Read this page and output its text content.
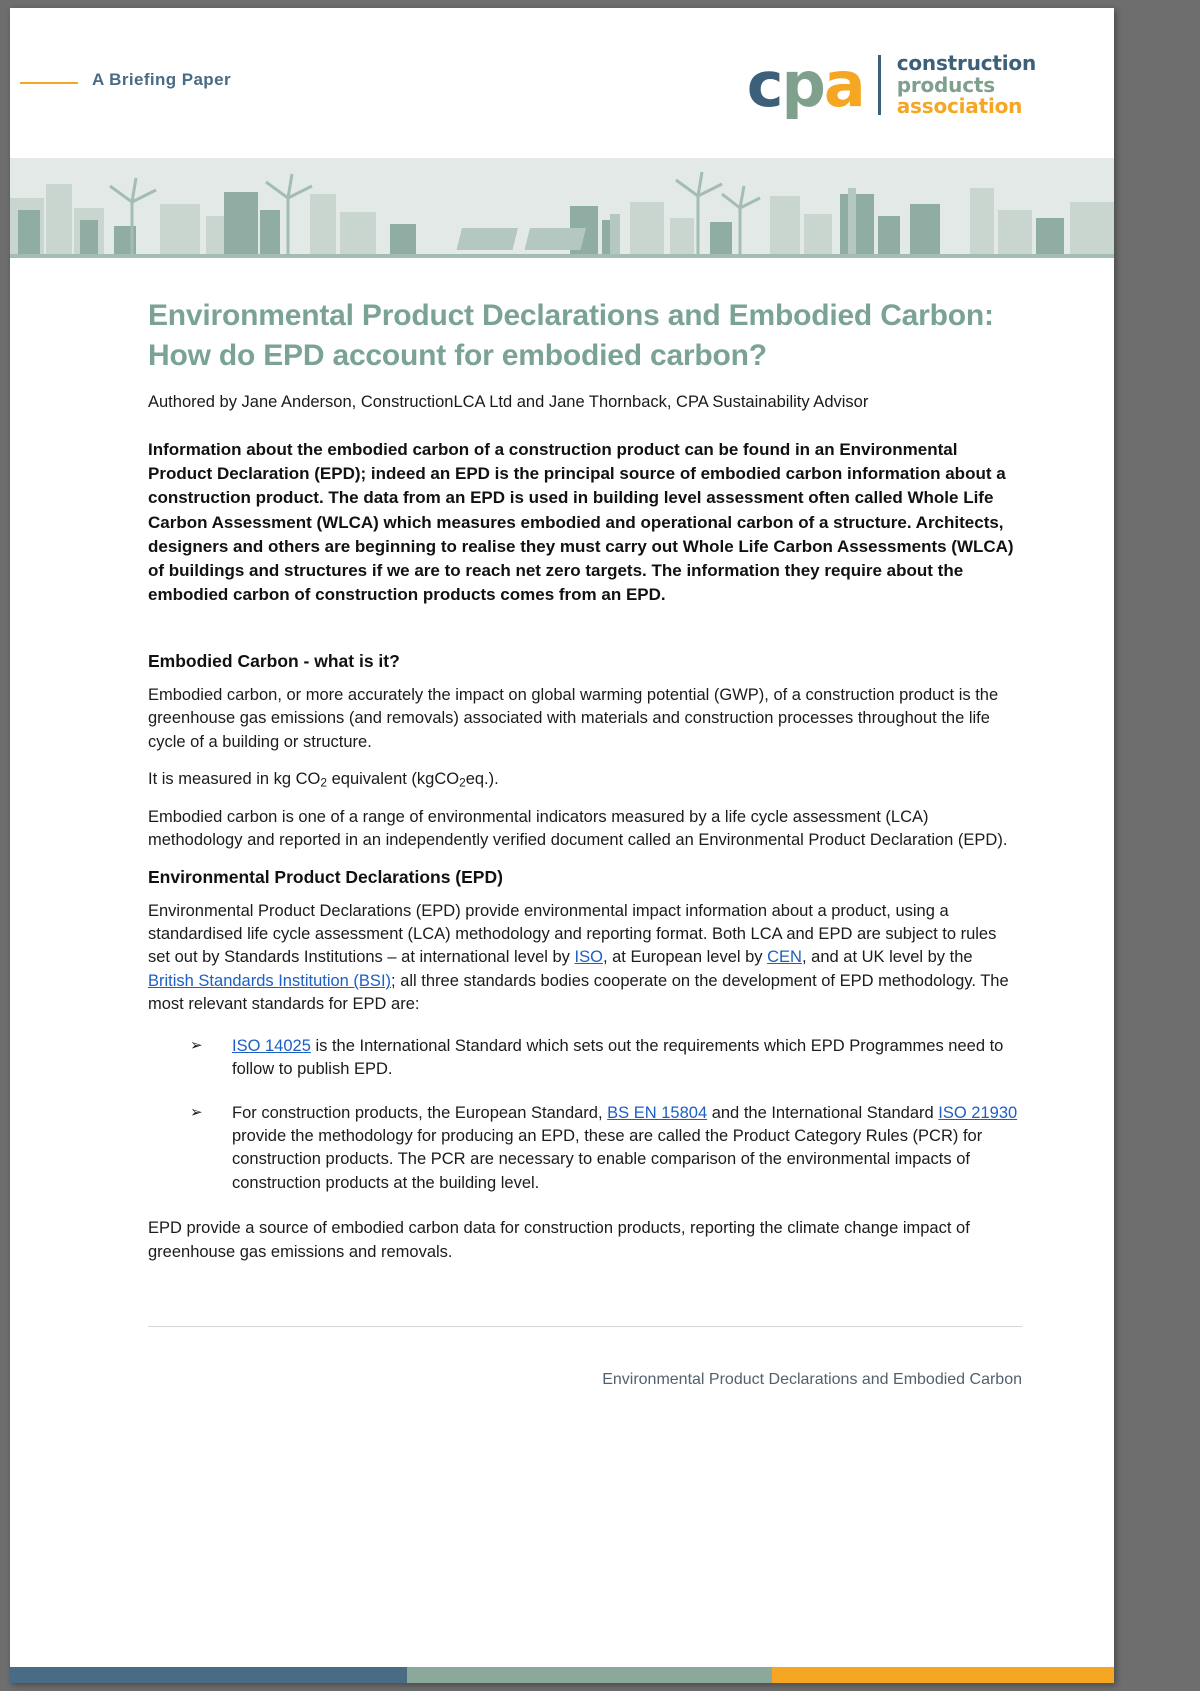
A Briefing Paper	cpa construction
products
association
Environmental Product Declarations and Embodied Carbon: How do EPD account for embodied carbon?

Authored by Jane Anderson, ConstructionLCA Ltd and Jane Thornback, CPA Sustainability Advisor

Information about the embodied carbon of a construction product can be found in an Environmental Product Declaration (EPD); indeed an EPD is the principal source of embodied carbon information about a construction product. The data from an EPD is used in building level assessment often called Whole Life Carbon Assessment (WLCA) which measures embodied and operational carbon of a structure. Architects, designers and others are beginning to realise they must carry out Whole Life Carbon Assessments (WLCA) of buildings and structures if we are to reach net zero targets. The information they require about the embodied carbon of construction products comes from an EPD.

Embodied Carbon - what is it?

Embodied carbon, or more accurately the impact on global warming potential (GWP), of a construction product is the greenhouse gas emissions (and removals) associated with materials and construction processes throughout the life cycle of a building or structure.

It is measured in kg $CO_2$ equivalent (kgCO$_2$eq.).

Embodied carbon is one of a range of environmental indicators measured by a life cycle assessment (LCA) methodology and reported in an independently verified document called an Environmental Product Declaration (EPD).

Environmental Product Declarations (EPD)

Environmental Product Declarations (EPD) provide environmental impact information about a product, using a standardised life cycle assessment (LCA) methodology and reporting format. Both LCA and EPD are subject to rules set out by Standards Institutions – at international level by ISO, at European level by CEN, and at UK level by the British Standards Institution (BSI); all three standards bodies cooperate on the development of EPD methodology. The most relevant standards for EPD are:

➢ ISO 14025 is the International Standard which sets out the requirements which EPD Programmes need to follow to publish EPD.
➢ For construction products, the European Standard, BS EN 15804 and the International Standard ISO 21930 provide the methodology for producing an EPD, these are called the Product Category Rules (PCR) for construction products. The PCR are necessary to enable comparison of the environmental impacts of construction products at the building level.

EPD provide a source of embodied carbon data for construction products, reporting the climate change impact of greenhouse gas emissions and removals.

Environmental Product Declarations and Embodied Carbon
